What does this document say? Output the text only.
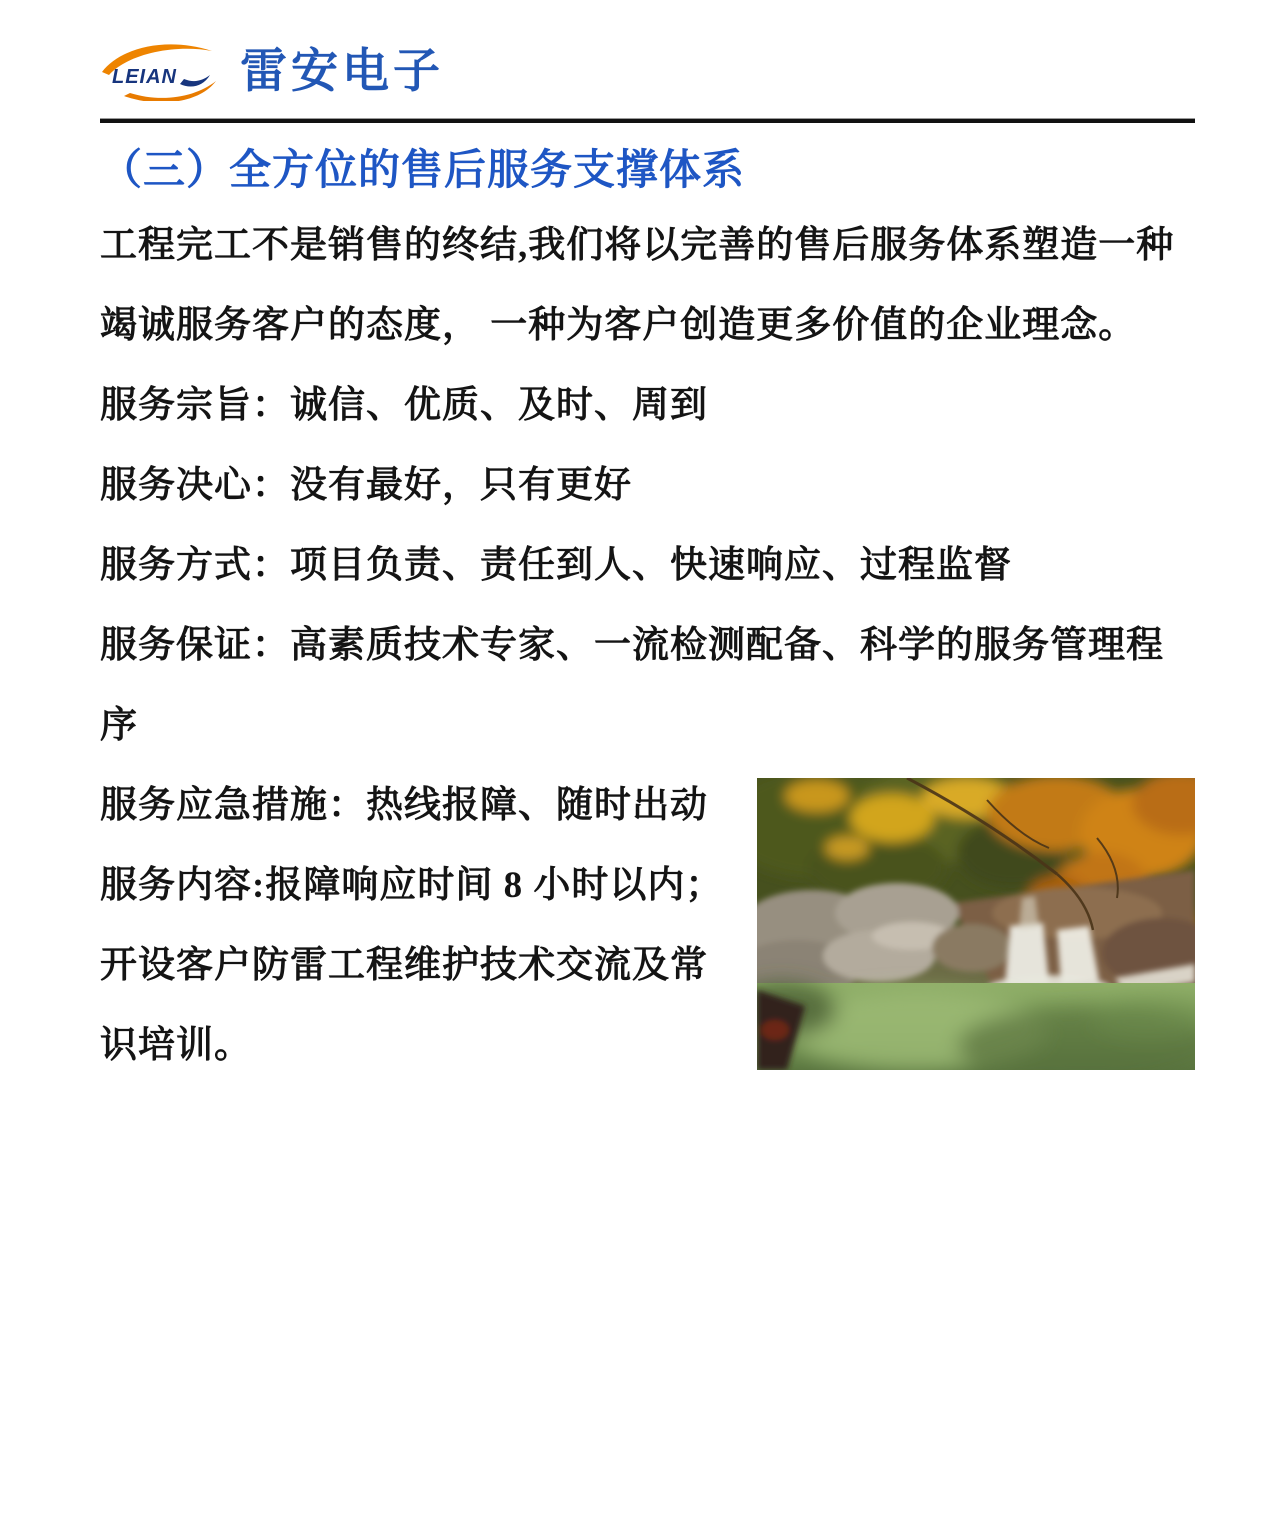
LEIAN 雷安电子
（三）全方位的售后服务支撑体系

工程完工不是销售的终结,我们将以完善的售后服务体系塑造一种竭诚服务客户的态度， 一种为客户创造更多价值的企业理念。

服务宗旨：诚信、优质、及时、周到

服务决心：没有最好，只有更好

服务方式：项目负责、责任到人、快速响应、过程监督

服务保证：高素质技术专家、一流检测配备、科学的服务管理程序

服务应急措施：热线报障、随时出动

服务内容:报障响应时间 8 小时以内；开设客户防雷工程维护技术交流及常识培训。
